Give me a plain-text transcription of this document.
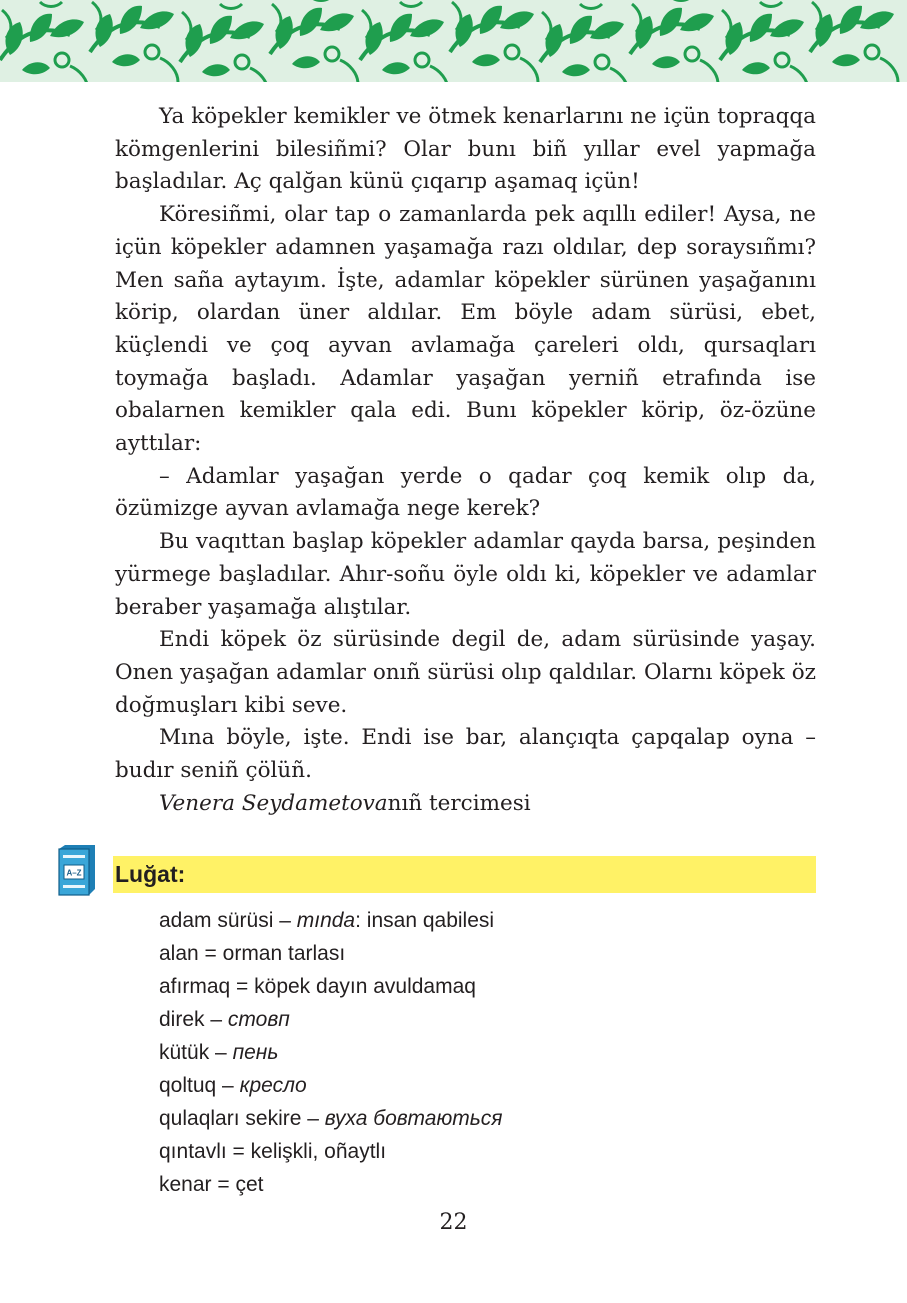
Ya köpekler kemikler ve ötmek kenarlarını ne içün topraqqa kömgenlerini bilesiñmi? Olar bunı biñ yıllar evel yapmağa başladılar. Aç qalğan künü çıqarıp aşamaq içün!

Köresiñmi, olar tap o zamanlarda pek aqıllı ediler! Aysa, ne içün köpekler adamnen yaşamağa razı oldılar, dep soraysıñmı? Men saña aytayım. İşte, adamlar köpekler sürünen yaşağanını körip, olardan üner aldılar. Em böyle adam sürüsi, ebet, küçlendi ve çoq ayvan avlamağa çareleri oldı, qursaqları toymağa başladı. Adamlar yaşağan yerniñ etrafında ise obalarnen kemikler qala edi. Bunı köpekler körip, öz-özüne ayttılar:

– Adamlar yaşağan yerde o qadar çoq kemik olıp da, özümizge ayvan avlamağa nege kerek?

Bu vaqıttan başlap köpekler adamlar qayda barsa, peşinden yürmege başladılar. Ahır-soñu öyle oldı ki, köpekler ve adamlar beraber yaşamağa alıştılar.

Endi köpek öz sürüsinde degil de, adam sürüsinde yaşay. Onen yaşağan adamlar onıñ sürüsi olıp qaldılar. Olarnı köpek öz doğmuşları kibi seve.

Mına böyle, işte. Endi ise bar, alançıqta çapqalap oyna – budır seniñ çölüñ.

Venera Seydametovanıñ tercimesi

A–Z Luğat:
adam sürüsi – mında: insan qabilesi
alan = orman tarlası
afırmaq = köpek dayın avuldamaq
direk – стовп
kütük – пень
qoltuq – кресло
qulaqları sekire – вуха бовтаються
qıntavlı = kelişkli, oñaytlı
kenar = çet
22
